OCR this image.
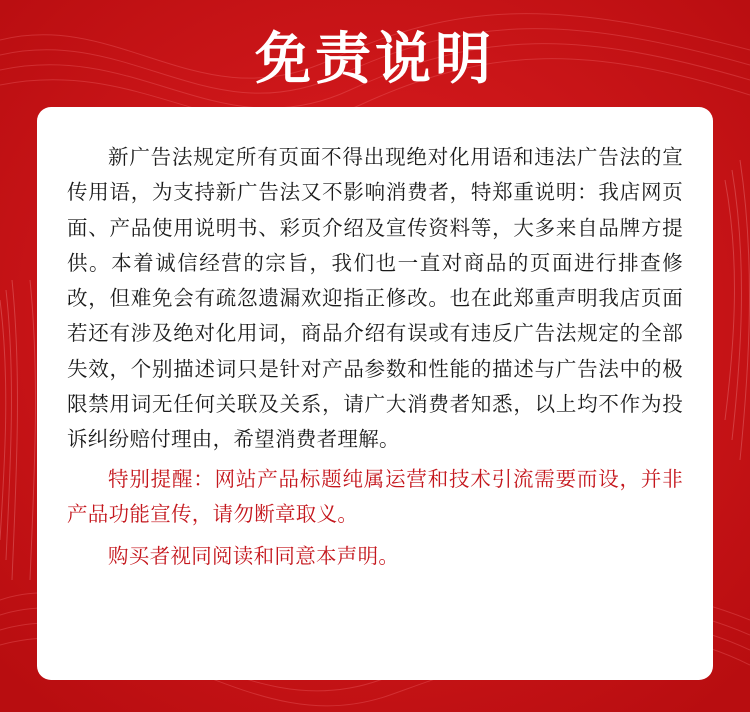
免责说明

新广告法规定所有页面不得出现绝对化用语和违法广告法的宣传用语，为支持新广告法又不影响消费者，特郑重说明：我店网页面、产品使用说明书、彩页介绍及宣传资料等，大多来自品牌方提供。本着诚信经营的宗旨，我们也一直对商品的页面进行排查修改，但难免会有疏忽遗漏欢迎指正修改。也在此郑重声明我店页面若还有涉及绝对化用词，商品介绍有误或有违反广告法规定的全部失效，个别描述词只是针对产品参数和性能的描述与广告法中的极限禁用词无任何关联及关系，请广大消费者知悉，以上均不作为投诉纠纷赔付理由，希望消费者理解。

特别提醒：网站产品标题纯属运营和技术引流需要而设，并非产品功能宣传，请勿断章取义。

购买者视同阅读和同意本声明。
